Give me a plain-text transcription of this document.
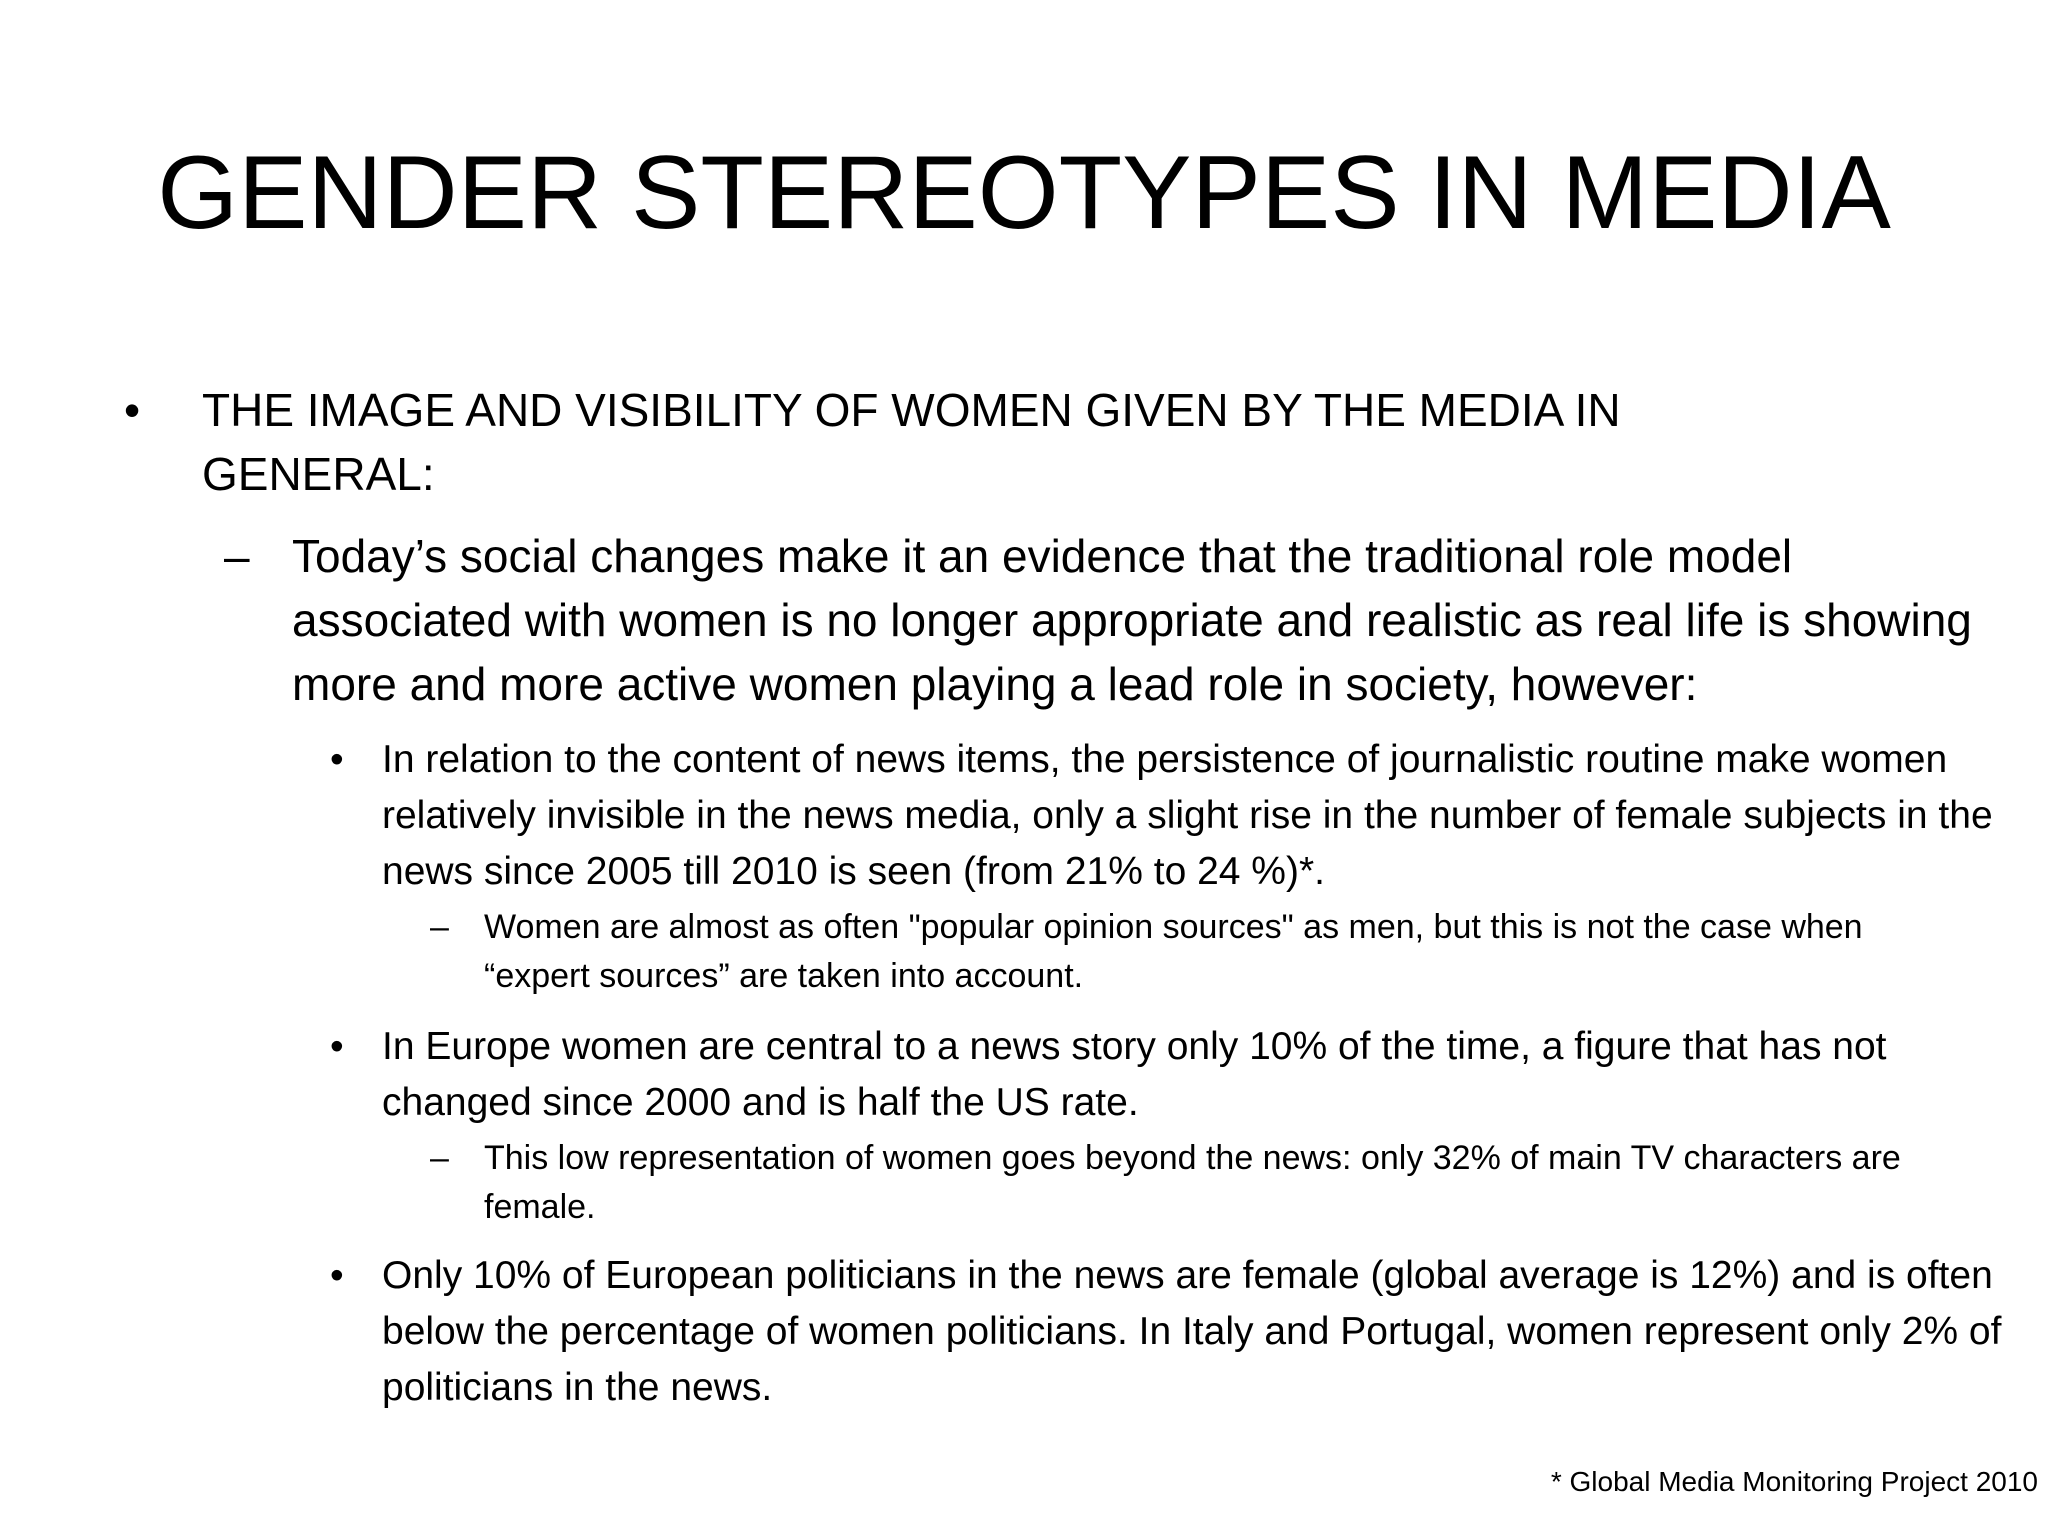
GENDER STEREOTYPES IN MEDIA
• THE IMAGE AND VISIBILITY OF WOMEN GIVEN BY THE MEDIA IN GENERAL:
– Today’s social changes make it an evidence that the traditional role model associated with women is no longer appropriate and realistic as real life is showing more and more active women playing a lead role in society, however:
• In relation to the content of news items, the persistence of journalistic routine make women relatively invisible in the news media, only a slight rise in the number of female subjects in the news since 2005 till 2010 is seen (from 21% to 24 %)*.
– Women are almost as often "popular opinion sources" as men, but this is not the case when “expert sources” are taken into account.
• In Europe women are central to a news story only 10% of the time, a figure that has not changed since 2000 and is half the US rate.
– This low representation of women goes beyond the news: only 32% of main TV characters are female.
• Only 10% of European politicians in the news are female (global average is 12%) and is often below the percentage of women politicians. In Italy and Portugal, women represent only 2% of politicians in the news.
* Global Media Monitoring Project 2010
